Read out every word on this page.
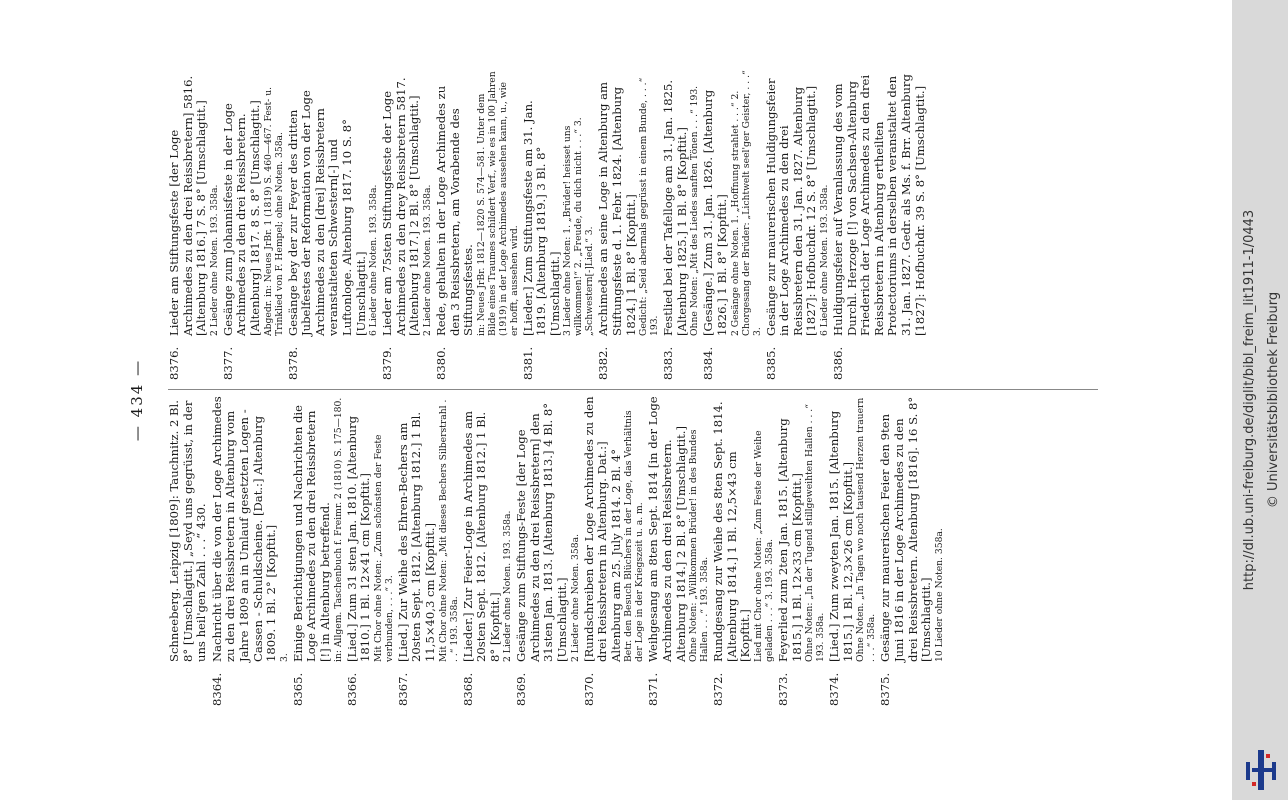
— 434 —
Schneeberg. Leipzig [1809]: Tauchnitz. 2 Bl. 8° [Umschlagtit.] „Seyd uns gegrüsst, in der uns heil'gen Zahl . . .“ 430.
8364.
Nachricht über die von der Loge Archimedes zu den drei Reissbretern in Altenburg vom Jahre 1809 an in Umlauf gesetzten Logen - Cassen - Schuldscheine. [Dat.:] Altenburg 1809. 1 Bl. 2° [Kopftit.] 3.
8365.
Einige Berichtigungen und Nachrichten die Loge Archimedes zu den drei Reissbretern [!] in Altenburg betreffend. in: Allgem. Taschenbuch f. Freimr. 2 (1810) S. 175—180.
8366.
[Lied.] Zum 31 sten Jan. 1810. [Altenburg 1810.] 1 Bl. 12×41 cm [Kopftit.] Mit Chor ohne Noten: „Zum schönsten der Feste verbunden, . . .“ 3.
8367.
[Lied.] Zur Weihe des Ehren-Bechers am 20sten Sept. 1812. [Altenburg 1812.] 1 Bl. 11,5×40,3 cm [Kopftit.] Mit Chor ohne Noten: „Mit dieses Bechers Silberstrahl . . .“ 193. 358a.
8368.
[Lieder.] Zur Feier-Loge in Archimedes am 20sten Sept. 1812. [Altenburg 1812.] 1 Bl. 8° [Kopftit.] 2 Lieder ohne Noten. 193. 358a.
8369.
Gesänge zum Stiftungs-Feste [der Loge Archimedes zu den drei Reissbretern] den 31sten Jan. 1813. [Altenburg 1813.] 4 Bl. 8° [Umschlagtit.] 2 Lieder ohne Noten. 358a.
8370.
[Rundschreiben der Loge Archimedes zu den drei Reissbretern in Altenburg. Dat.:] Altenburg am 25. July 1814. 2 Bl. 4° Betr. den Besuch Blüchers in der Loge, das Verhältnis der Loge in der Kriegszeit u. a. m.
8371.
Weihgesang am 8ten Sept. 1814 [in der Loge Archimedes zu den drei Reissbretern. Altenburg 1814.] 2 Bl. 8° [Umschlagtit.] Ohne Noten: „Willkommen Brüder! in des Bundes Hallen . . .“ 193. 358a.
8372.
Rundgesang zur Weihe des 8ten Sept. 1814. [Altenburg 1814.] 1 Bl. 12,5×43 cm [Kopftit.] Lied mit Chor ohne Noten: „Zum Feste der Weihe geladen . . .“ 3. 193. 358a.
8373.
Feyerlied zum 2ten Jan. 1815. [Altenburg 1815.] 1 Bl. 12×33 cm [Kopftit.] Ohne Noten: „In der Tugend stillgeweihten Hallen . . .“ 193. 358a.
8374.
[Lied.] Zum zweyten Jan. 1815. [Altenburg 1815.] 1 Bl. 12,3×26 cm [Kopftit.] Ohne Noten. „In Tagen wo noch tausend Herzen trauern . . .“ 358a.
8375.
Gesänge zur maurerischen Feier den 9ten Juni 1816 in der Loge Archimedes zu den drei Reissbretern. Altenburg [1816]. 16 S. 8° [Umschlagtit.] 10 Lieder ohne Noten. 358a.
8376.
Lieder am Stiftungsfeste [der Loge Archimedes zu den drei Reissbretern] 5816. [Altenburg 1816.] 7 S. 8° [Umschlagtit.] 2 Lieder ohne Noten. 193. 358a.
8377.
Gesänge zum Johannisfeste in der Loge Archimedes zu den drei Reissbretern. [Altenburg] 1817. 8 S. 8° [Umschlagtit.] Abgedr. in: Neues JrBr. 1 (1819) S. 460—467. Fest- u. Trinklied von F. Hempel; ohne Noten. 358a.
8378.
Gesänge bey der zur Feyer des dritten Jubelfestes der Reformation von der Loge Archimedes zu den [drei] Reissbretern veranstalteten Schwestern[-] und Luftonloge. Altenburg 1817. 10 S. 8° [Umschlagtit.] 6 Lieder ohne Noten. 193. 358a.
8379.
Lieder am 75sten Stiftungsfeste der Loge Archimedes zu den drey Reissbretern 5817. [Altenburg 1817.] 2 Bl. 8° [Umschlagtit.] 2 Lieder ohne Noten. 193. 358a.
8380.
Rede, gehalten in der Loge Archimedes zu den 3 Reissbretern, am Vorabende des Stiftungsfestes. in: Neues JrBr. 1812—1820 S. 574—581. Unter dem Bilde eines Traumes schildert Verf., wie es in 100 Jahren (1919) in der Loge Archimedes aussehen kann, u., wie er hofft, aussehen wird.
8381.
[Lieder.] Zum Stiftungsfeste am 31. Jan. 1819. [Altenburg 1819.] 3 Bl. 8° [Umschlagtit.] 3 Lieder ohne Noten: 1. „Brüder! heisset uns willkommen!“ 2. „Freude, du dich nicht . . .“ 3. „Schwestern[-]Lied.“ 3.
8382.
Archimedes an seine Loge in Altenburg am Stiftungsfeste d. 1. Febr. 1824. [Altenburg 1824.] 1 Bl. 8° [Kopftit.] Gedicht: „Seid abermals gegrüsst in einem Bunde, . . .“ 193.
8383.
Festlied bei der Tafelloge am 31. Jan. 1825. [Altenburg 1825.] 1 Bl. 8° [Kopftit.] Ohne Noten: „Mit des Liedes sanften Tönen . . .“ 193.
8384.
[Gesänge.] Zum 31. Jan. 1826. [Altenburg 1826.] 1 Bl. 8° [Kopftit.] 2 Gesänge ohne Noten. 1. „Hoffnung strahlet . . .“ 2. Chorgesang der Brüder: „Lichtwelt seel'ger Geister, . . .“ 3.
8385.
Gesänge zur maurerischen Huldigungsfeier in der Loge Archimedes zu den drei Reissbretern den 31. Jan. 1827. Altenburg [1827]: Hofbuchdr. 12 S. 8° [Umschlagtit.] 6 Lieder ohne Noten. 193. 358a.
8386.
Huldigungsfeier auf Veranlassung des vom Durchl. Herzoge [!] von Sachsen-Altenburg Friederich der Loge Archimedes zu den drei Reissbretern in Altenburg ertheilten Protectoriums in derselben veranstaltet den 31. Jan. 1827. Gedr. als Ms. f. Brr. Altenburg [1827]: Hofbuchdr. 39 S. 8° [Umschlagtit.]	http://dl.ub.uni-freiburg.de/diglit/bibl_freim_lit1911-1/0443 © Universitätsbibliothek Freiburg
